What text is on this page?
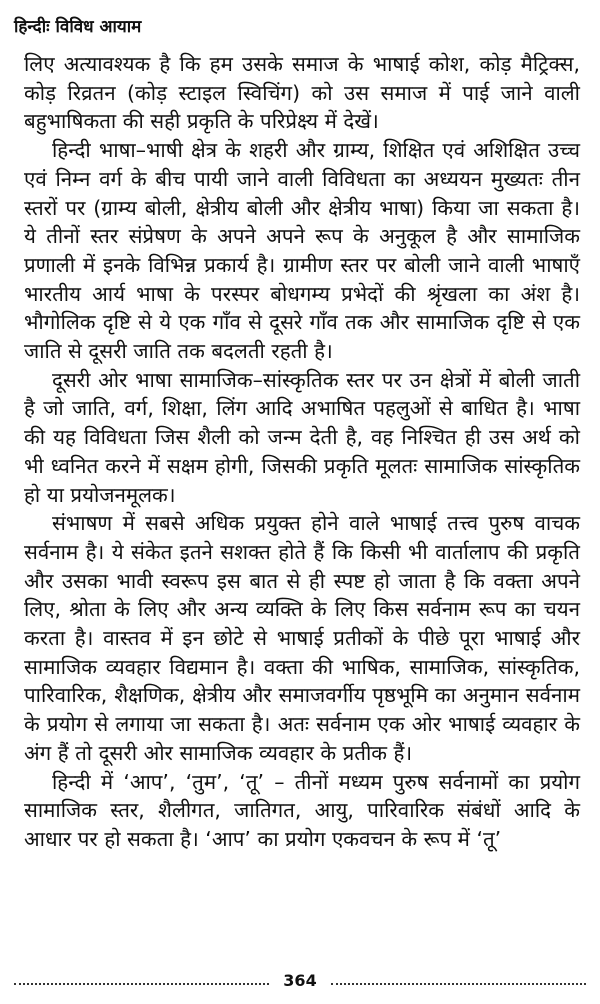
हिन्दीः विविध आयाम

लिए अत्यावश्यक है कि हम उसके समाज के भाषाई कोश, कोड़ मैट्रिक्स, कोड़ रिव्रतन (कोड़ स्टाइल स्विचिंग) को उस समाज में पाई जाने वाली बहुभाषिकता की सही प्रकृति के परिप्रेक्ष्य में देखें।

हिन्दी भाषा–भाषी क्षेत्र के शहरी और ग्राम्य, शिक्षित एवं अशिक्षित उच्च एवं निम्न वर्ग के बीच पायी जाने वाली विविधता का अध्ययन मुख्यतः तीन स्तरों पर (ग्राम्य बोली, क्षेत्रीय बोली और क्षेत्रीय भाषा) किया जा सकता है। ये तीनों स्तर संप्रेषण के अपने अपने रूप के अनुकूल है और सामाजिक प्रणाली में इनके विभिन्न प्रकार्य है। ग्रामीण स्तर पर बोली जाने वाली भाषाएँ भारतीय आर्य भाषा के परस्पर बोधगम्य प्रभेदों की श्रृंखला का अंश है। भौगोलिक दृष्टि से ये एक गाँव से दूसरे गाँव तक और सामाजिक दृष्टि से एक जाति से दूसरी जाति तक बदलती रहती है।

दूसरी ओर भाषा सामाजिक–सांस्कृतिक स्तर पर उन क्षेत्रों में बोली जाती है जो जाति, वर्ग, शिक्षा, लिंग आदि अभाषित पहलुओं से बाधित है। भाषा की यह विविधता जिस शैली को जन्म देती है, वह निश्चित ही उस अर्थ को भी ध्वनित करने में सक्षम होगी, जिसकी प्रकृति मूलतः सामाजिक सांस्कृतिक हो या प्रयोजनमूलक।

संभाषण में सबसे अधिक प्रयुक्त होने वाले भाषाई तत्त्व पुरुष वाचक सर्वनाम है। ये संकेत इतने सशक्त होते हैं कि किसी भी वार्तालाप की प्रकृति और उसका भावी स्वरूप इस बात से ही स्पष्ट हो जाता है कि वक्ता अपने लिए, श्रोता के लिए और अन्य व्यक्ति के लिए किस सर्वनाम रूप का चयन करता है। वास्तव में इन छोटे से भाषाई प्रतीकों के पीछे पूरा भाषाई और सामाजिक व्यवहार विद्यमान है। वक्ता की भाषिक, सामाजिक, सांस्कृतिक, पारिवारिक, शैक्षणिक, क्षेत्रीय और समाजवर्गीय पृष्ठभूमि का अनुमान सर्वनाम के प्रयोग से लगाया जा सकता है। अतः सर्वनाम एक ओर भाषाई व्यवहार के अंग हैं तो दूसरी ओर सामाजिक व्यवहार के प्रतीक हैं।

हिन्दी में ‘आप’, ‘तुम’, ‘तू’ – तीनों मध्यम पुरुष सर्वनामों का प्रयोग सामाजिक स्तर, शैलीगत, जातिगत, आयु, पारिवारिक संबंधों आदि के आधार पर हो सकता है। ‘आप’ का प्रयोग एकवचन के रूप में ‘तू’

364
